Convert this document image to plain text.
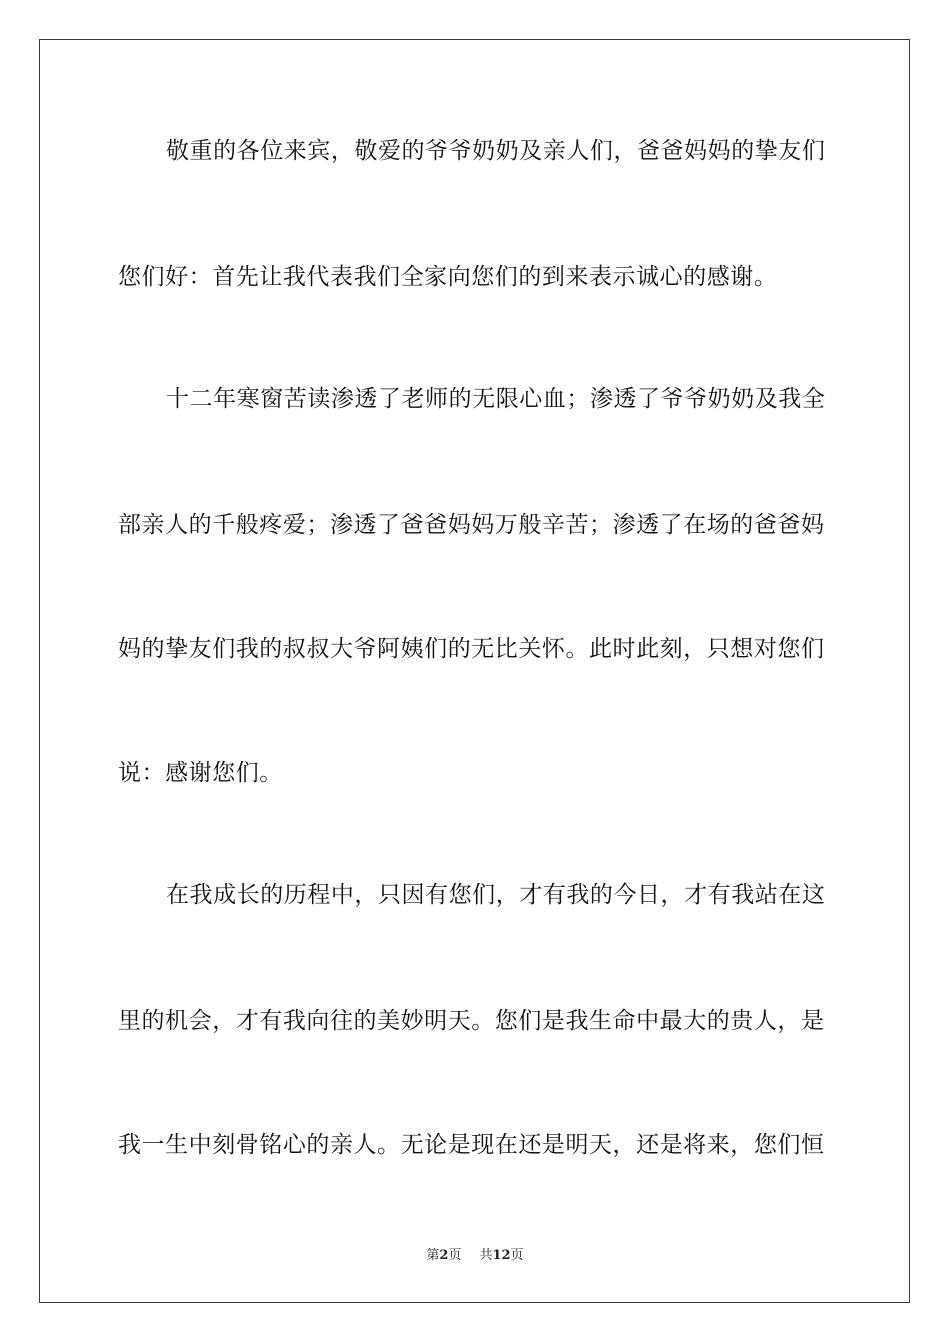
敬重的各位来宾，敬爱的爷爷奶奶及亲人们，爸爸妈妈的挚友们
您们好：首先让我代表我们全家向您们的到来表示诚心的感谢。
十二年寒窗苦读渗透了老师的无限心血；渗透了爷爷奶奶及我全
部亲人的千般疼爱；渗透了爸爸妈妈万般辛苦；渗透了在场的爸爸妈
妈的挚友们我的叔叔大爷阿姨们的无比关怀。此时此刻，只想对您们
说：感谢您们。
在我成长的历程中，只因有您们，才有我的今日，才有我站在这
里的机会，才有我向往的美妙明天。您们是我生命中最大的贵人，是
我一生中刻骨铭心的亲人。无论是现在还是明天，还是将来，您们恒
第2页 共12页
